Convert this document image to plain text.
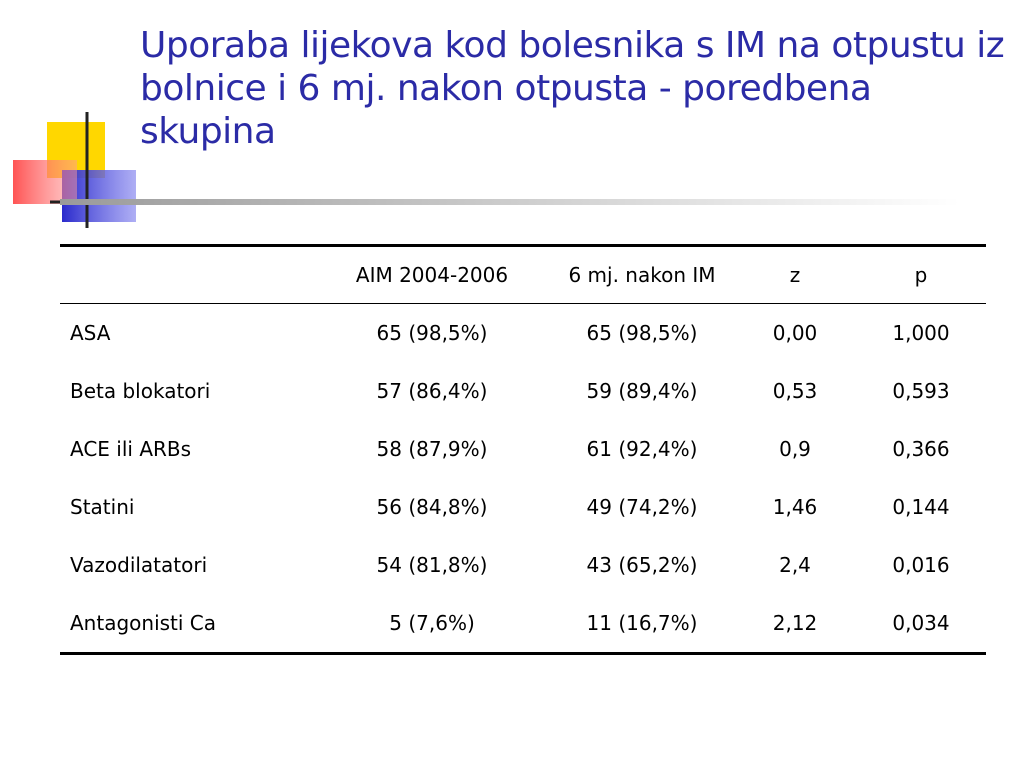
Uporaba lijekova kod bolesnika s IM na otpustu iz bolnice i 6 mj. nakon otpusta - poredbena skupina
	AIM 2004-2006	6 mj. nakon IM	z	p
ASA	65 (98,5%)	65 (98,5%)	0,00	1,000
Beta blokatori	57 (86,4%)	59 (89,4%)	0,53	0,593
ACE ili ARBs	58 (87,9%)	61 (92,4%)	0,9	0,366
Statini	56 (84,8%)	49 (74,2%)	1,46	0,144
Vazodilatatori	54 (81,8%)	43 (65,2%)	2,4	0,016
Antagonisti Ca	5 (7,6%)	11 (16,7%)	2,12	0,034
